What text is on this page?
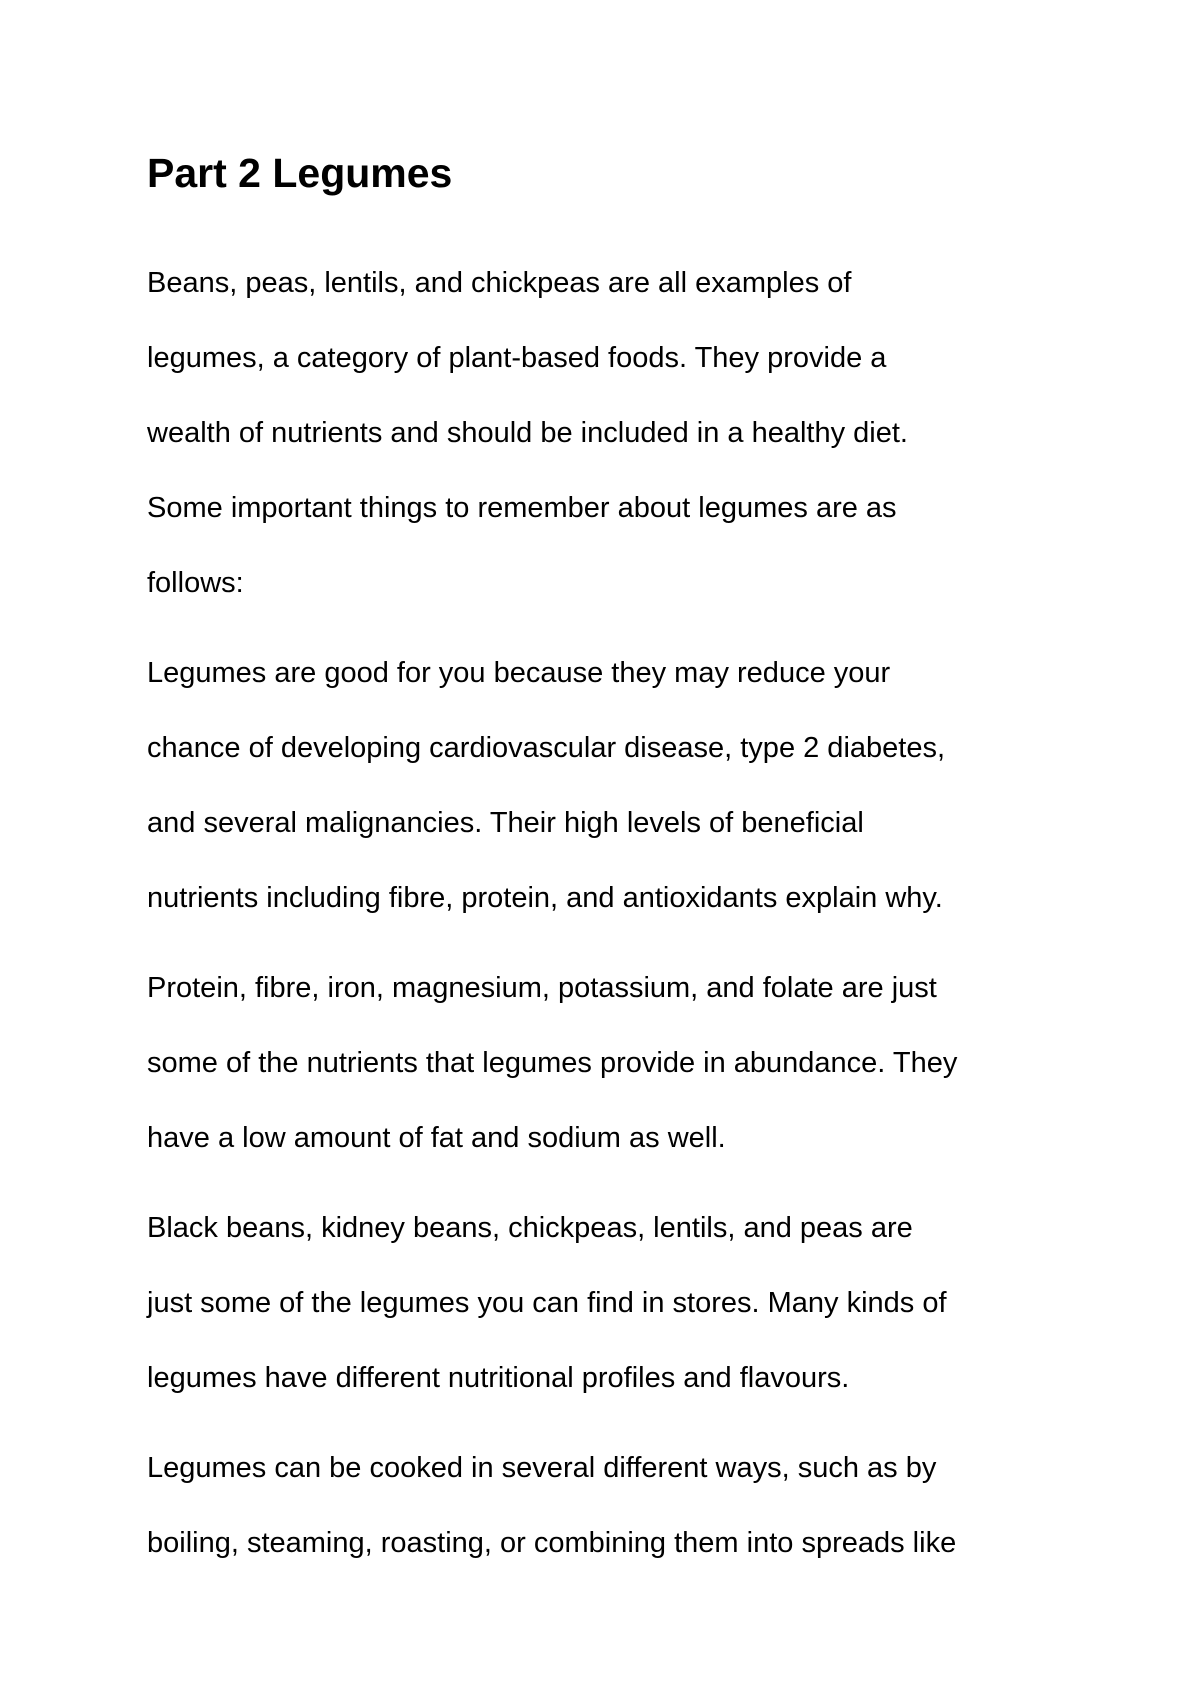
Part 2 Legumes
Beans, peas, lentils, and chickpeas are all examples of
legumes, a category of plant-based foods. They provide a
wealth of nutrients and should be included in a healthy diet.
Some important things to remember about legumes are as
follows:
Legumes are good for you because they may reduce your
chance of developing cardiovascular disease, type 2 diabetes,
and several malignancies. Their high levels of beneficial
nutrients including fibre, protein, and antioxidants explain why.
Protein, fibre, iron, magnesium, potassium, and folate are just
some of the nutrients that legumes provide in abundance. They
have a low amount of fat and sodium as well.
Black beans, kidney beans, chickpeas, lentils, and peas are
just some of the legumes you can find in stores. Many kinds of
legumes have different nutritional profiles and flavours.
Legumes can be cooked in several different ways, such as by
boiling, steaming, roasting, or combining them into spreads like
